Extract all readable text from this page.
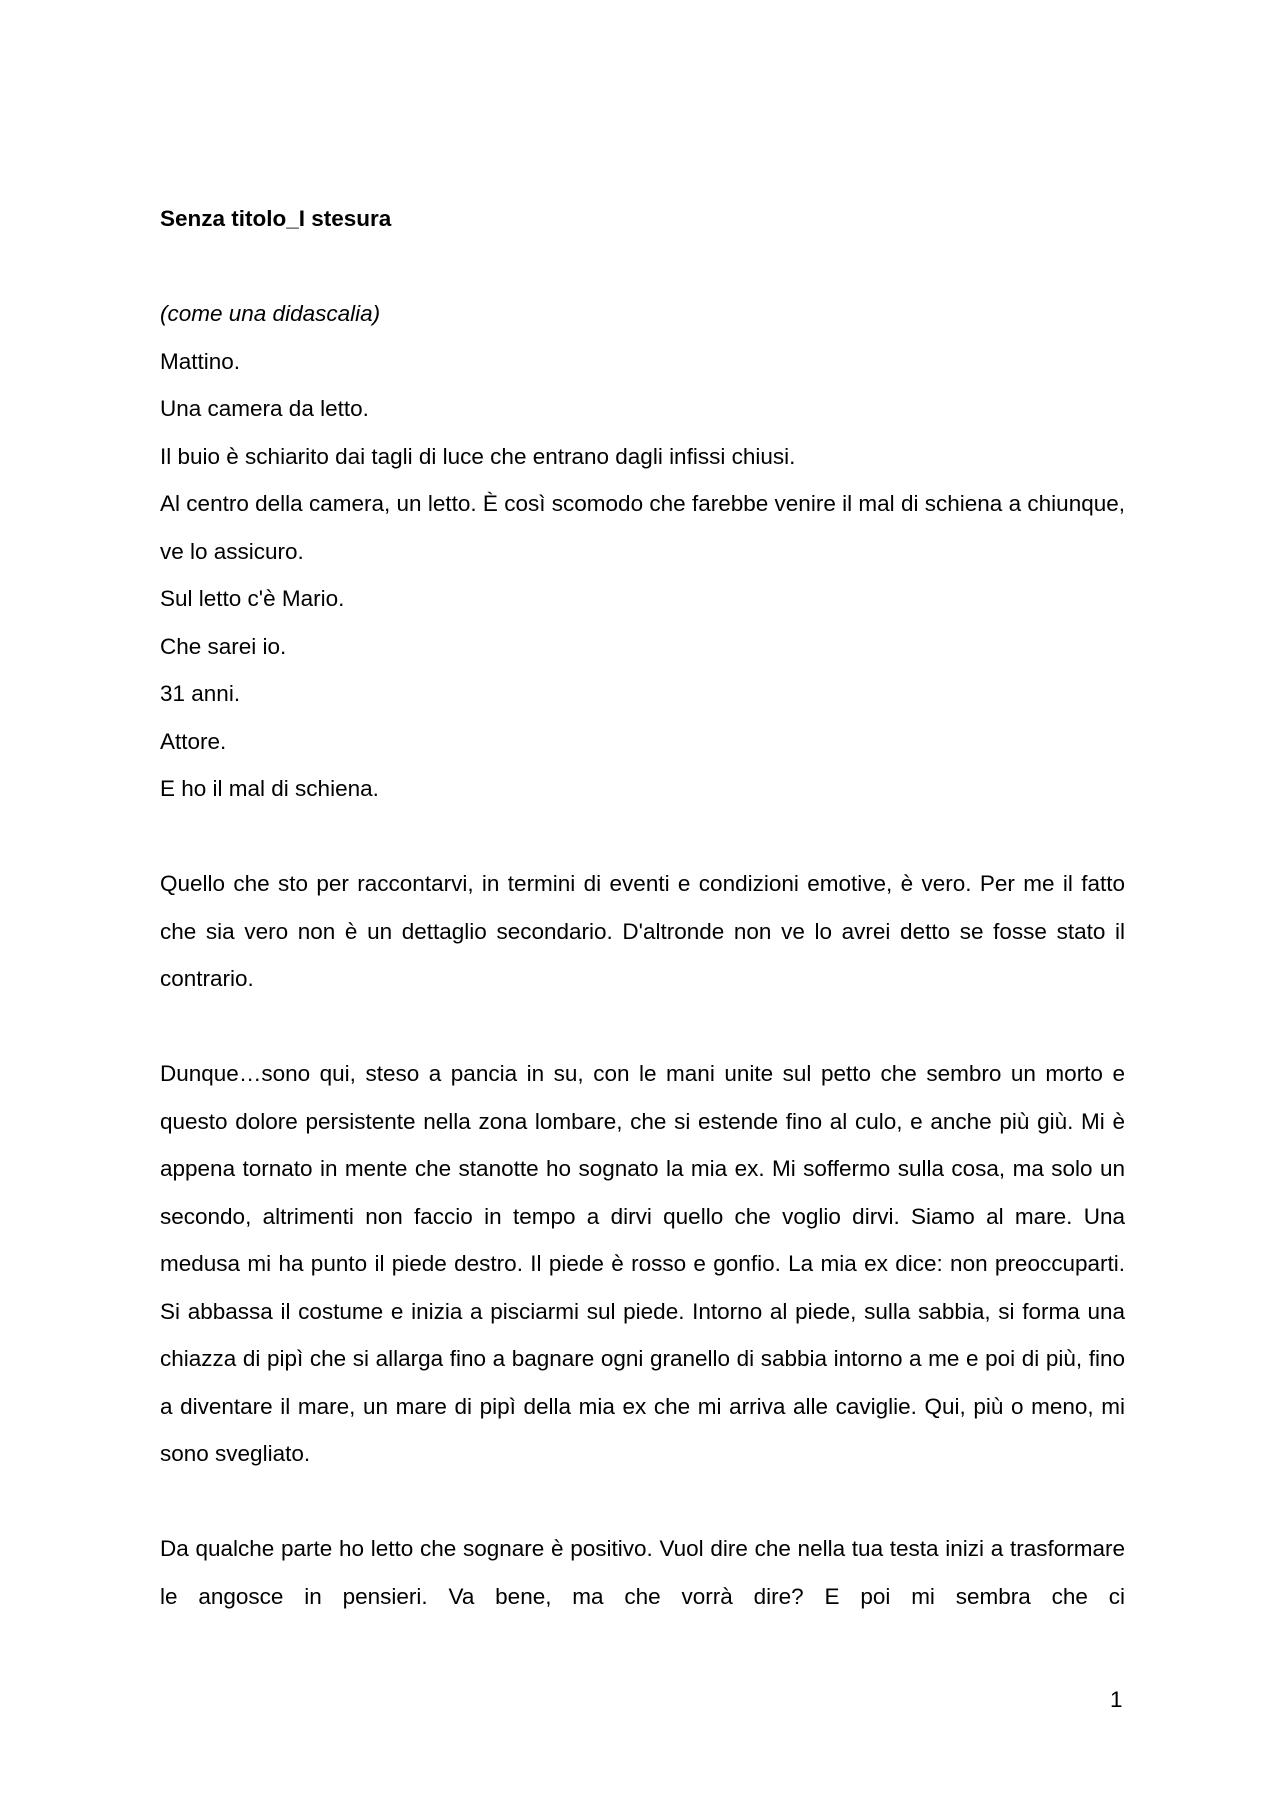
Senza titolo_I stesura

(come una didascalia)

Mattino.

Una camera da letto.

Il buio è schiarito dai tagli di luce che entrano dagli infissi chiusi.

Al centro della camera, un letto. È così scomodo che farebbe venire il mal di schiena a chiunque, ve lo assicuro.

Sul letto c'è Mario.

Che sarei io.

31 anni.

Attore.

E ho il mal di schiena.

Quello che sto per raccontarvi, in termini di eventi e condizioni emotive, è vero. Per me il fatto che sia vero non è un dettaglio secondario. D'altronde non ve lo avrei detto se fosse stato il contrario.

Dunque…sono qui, steso a pancia in su, con le mani unite sul petto che sembro un morto e questo dolore persistente nella zona lombare, che si estende fino al culo, e anche più giù. Mi è appena tornato in mente che stanotte ho sognato la mia ex. Mi soffermo sulla cosa, ma solo un secondo, altrimenti non faccio in tempo a dirvi quello che voglio dirvi. Siamo al mare. Una medusa mi ha punto il piede destro. Il piede è rosso e gonfio. La mia ex dice: non preoccuparti. Si abbassa il costume e inizia a pisciarmi sul piede. Intorno al piede, sulla sabbia, si forma una chiazza di pipì che si allarga fino a bagnare ogni granello di sabbia intorno a me e poi di più, fino a diventare il mare, un mare di pipì della mia ex che mi arriva alle caviglie. Qui, più o meno, mi sono svegliato.

Da qualche parte ho letto che sognare è positivo. Vuol dire che nella tua testa inizi a trasformare le angosce in pensieri. Va bene, ma che vorrà dire? E poi mi sembra che ci

1
